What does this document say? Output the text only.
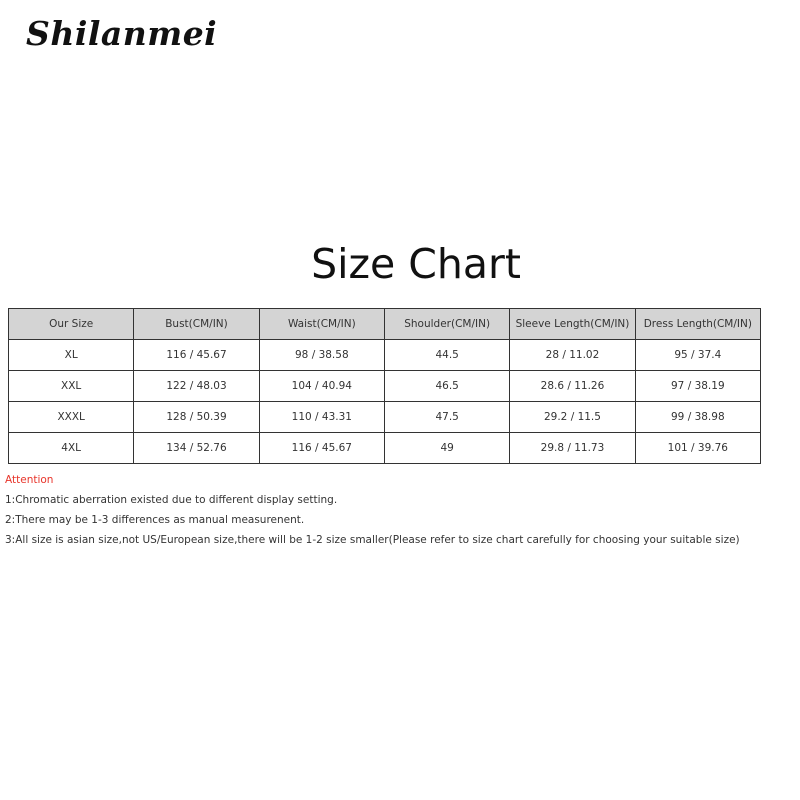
Shilanmei
Size Chart
Our Size	Bust(CM/IN)	Waist(CM/IN)	Shoulder(CM/IN)	Sleeve Length(CM/IN)	Dress Length(CM/IN)
XL	116 / 45.67	98 / 38.58	44.5	28 / 11.02	95 / 37.4
XXL	122 / 48.03	104 / 40.94	46.5	28.6 / 11.26	97 / 38.19
XXXL	128 / 50.39	110 / 43.31	47.5	29.2 / 11.5	99 / 38.98
4XL	134 / 52.76	116 / 45.67	49	29.8 / 11.73	101 / 39.76
Attention
1:Chromatic aberration existed due to different display setting.
2:There may be 1-3 differences as manual measurenent.
3:All size is asian size,not US/European size,there will be 1-2 size smaller(Please refer to size chart carefully for choosing your suitable size)
